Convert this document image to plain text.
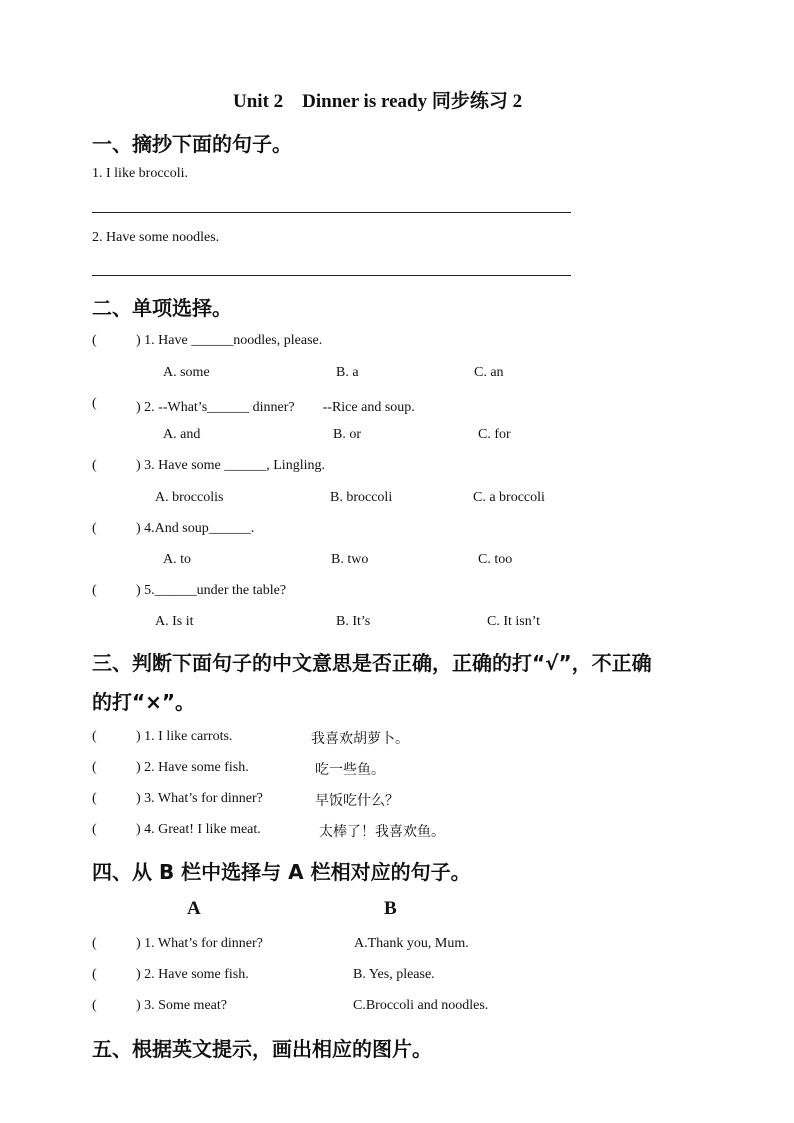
Unit 2　Dinner is ready 同步练习 2
一、摘抄下面的句子。
1. I like broccoli.
2. Have some noodles.
二、单项选择。
(	) 1. Have ______noodles, please.
A. some	B. a	C. an
(	) 2. --What’s______ dinner?　　--Rice and soup.
A. and	B. or	C. for
(	) 3. Have some ______, Lingling.
A. broccolis	B. broccoli	C. a broccoli
(	) 4.And soup______.
A. to	B. two	C. too
(	) 5.______under the table?
A. Is it	B. It’s	C. It isn’t
三、判断下面句子的中文意思是否正确，正确的打“√”，不正确
的打“×”。
(	) 1. I like carrots.	我喜欢胡萝卜。
(	) 2. Have some fish.	吃一些鱼。
(	) 3. What’s for dinner?	早饭吃什么？
(	) 4. Great! I like meat.	太棒了！我喜欢鱼。
四、从 B 栏中选择与 A 栏相对应的句子。
A	B
(	) 1. What’s for dinner?	A.Thank you, Mum.
(	) 2. Have some fish.	B. Yes, please.
(	) 3. Some meat?	C.Broccoli and noodles.
五、根据英文提示，画出相应的图片。
